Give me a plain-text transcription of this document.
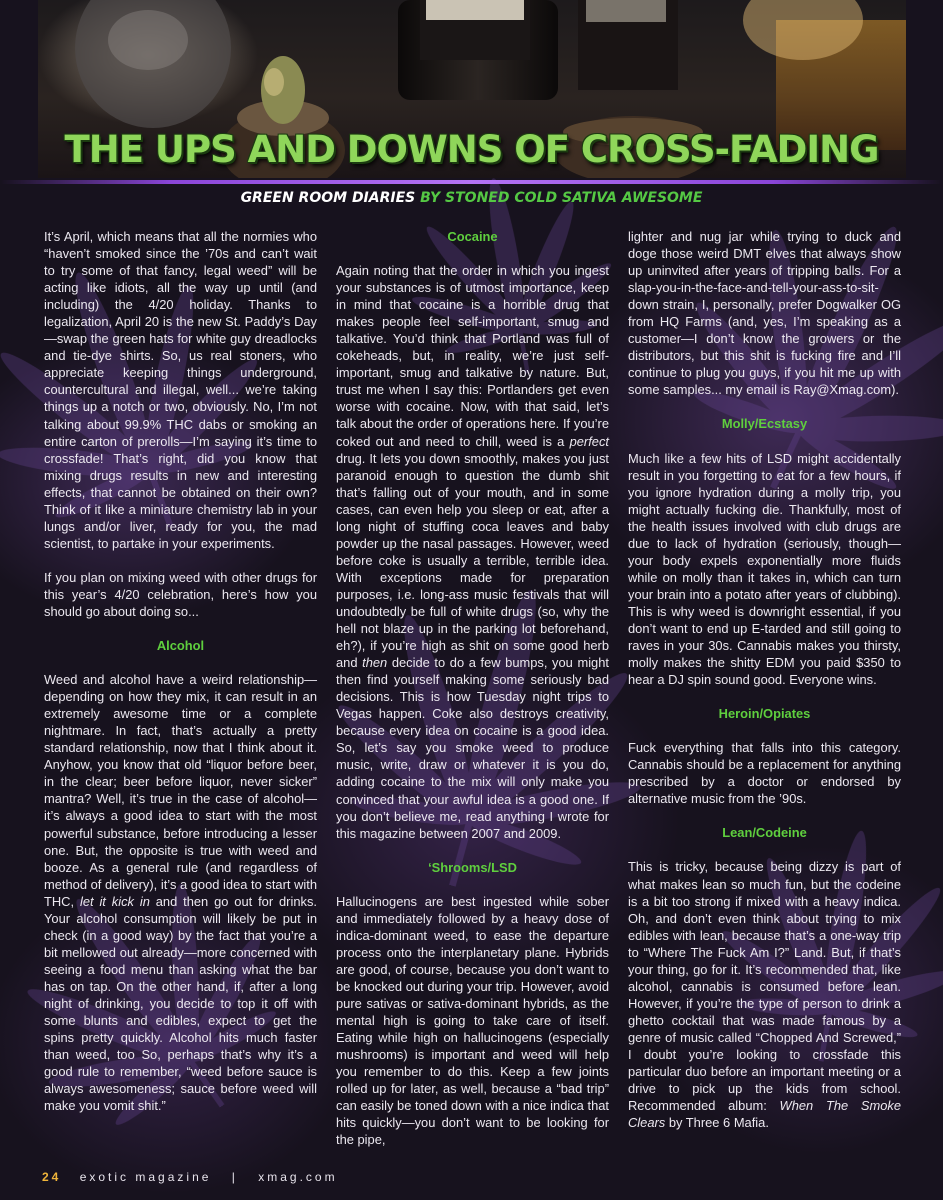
THE UPS AND DOWNS OF CROSS-FADING

GREEN ROOM DIARIES BY STONED COLD SATIVA AWESOME

It’s April, which means that all the normies who “haven’t smoked since the ’70s and can’t wait to try some of that fancy, legal weed” will be acting like idiots, all the way up until (and including) the 4/20 holiday. Thanks to legalization, April 20 is the new St. Paddy’s Day—swap the green hats for white guy dreadlocks and tie-dye shirts. So, us real stoners, who appreciate keeping things underground, countercultural and illegal, well... we’re taking things up a notch or two, obviously. No, I’m not talking about 99.9% THC dabs or smoking an entire carton of prerolls—I’m saying it’s time to crossfade! That’s right, did you know that mixing drugs results in new and interesting effects, that cannot be obtained on their own? Think of it like a miniature chemistry lab in your lungs and/or liver, ready for you, the mad scientist, to partake in your experiments.

If you plan on mixing weed with other drugs for this year’s 4/20 celebration, here’s how you should go about doing so...

Alcohol

Weed and alcohol have a weird relationship—depending on how they mix, it can result in an extremely awesome time or a complete nightmare. In fact, that’s actually a pretty standard relationship, now that I think about it. Anyhow, you know that old “liquor before beer, in the clear; beer before liquor, never sicker” mantra? Well, it’s true in the case of alcohol—it’s always a good idea to start with the most powerful substance, before introducing a lesser one. But, the opposite is true with weed and booze. As a general rule (and regardless of method of delivery), it’s a good idea to start with THC, let it kick in and then go out for drinks. Your alcohol consumption will likely be put in check (in a good way) by the fact that you’re a bit mellowed out already—more concerned with seeing a food menu than asking what the bar has on tap. On the other hand, if, after a long night of drinking, you decide to top it off with some blunts and edibles, expect to get the spins pretty quickly. Alcohol hits much faster than weed, too So, perhaps that’s why it’s a good rule to remember, “weed before sauce is always awesomeness; sauce before weed will make you vomit shit.”

Cocaine

Again noting that the order in which you ingest your substances is of utmost importance, keep in mind that cocaine is a horrible drug that makes people feel self-important, smug and talkative. You’d think that Portland was full of cokeheads, but, in reality, we’re just self-important, smug and talkative by nature. But, trust me when I say this: Portlanders get even worse with cocaine. Now, with that said, let’s talk about the order of operations here. If you’re coked out and need to chill, weed is a perfect drug. It lets you down smoothly, makes you just paranoid enough to question the dumb shit that’s falling out of your mouth, and in some cases, can even help you sleep or eat, after a long night of stuffing coca leaves and baby powder up the nasal passages. However, weed before coke is usually a terrible, terrible idea. With exceptions made for preparation purposes, i.e. long-ass music festivals that will undoubtedly be full of white drugs (so, why the hell not blaze up in the parking lot beforehand, eh?), if you’re high as shit on some good herb and then decide to do a few bumps, you might then find yourself making some seriously bad decisions. This is how Tuesday night trips to Vegas happen. Coke also destroys creativity, because every idea on cocaine is a good idea. So, let’s say you smoke weed to produce music, write, draw or whatever it is you do, adding cocaine to the mix will only make you convinced that your awful idea is a good one. If you don’t believe me, read anything I wrote for this magazine between 2007 and 2009.

‘Shrooms/LSD

Hallucinogens are best ingested while sober and immediately followed by a heavy dose of indica-dominant weed, to ease the departure process onto the interplanetary plane. Hybrids are good, of course, because you don’t want to be knocked out during your trip. However, avoid pure sativas or sativa-dominant hybrids, as the mental high is going to take care of itself. Eating while high on hallucinogens (especially mushrooms) is important and weed will help you remember to do this. Keep a few joints rolled up for later, as well, because a “bad trip” can easily be toned down with a nice indica that hits quickly—you don’t want to be looking for the pipe,

lighter and nug jar while trying to duck and doge those weird DMT elves that always show up uninvited after years of tripping balls. For a slap-you-in-the-face-and-tell-your-ass-to-sit-down strain, I, personally, prefer Dogwalker OG from HQ Farms (and, yes, I’m speaking as a customer—I don’t know the growers or the distributors, but this shit is fucking fire and I’ll continue to plug you guys, if you hit me up with some samples... my email is Ray@Xmag.com).

Molly/Ecstasy

Much like a few hits of LSD might accidentally result in you forgetting to eat for a few hours, if you ignore hydration during a molly trip, you might actually fucking die. Thankfully, most of the health issues involved with club drugs are due to lack of hydration (seriously, though—your body expels exponentially more fluids while on molly than it takes in, which can turn your brain into a potato after years of clubbing). This is why weed is downright essential, if you don’t want to end up E-tarded and still going to raves in your 30s. Cannabis makes you thirsty, molly makes the shitty EDM you paid $350 to hear a DJ spin sound good. Everyone wins.

Heroin/Opiates

Fuck everything that falls into this category. Cannabis should be a replacement for anything prescribed by a doctor or endorsed by alternative music from the ’90s.

Lean/Codeine

This is tricky, because being dizzy is part of what makes lean so much fun, but the codeine is a bit too strong if mixed with a heavy indica. Oh, and don’t even think about trying to mix edibles with lean, because that’s a one-way trip to “Where The Fuck Am I?” Land. But, if that’s your thing, go for it. It’s recommended that, like alcohol, cannabis is consumed before lean. However, if you’re the type of person to drink a ghetto cocktail that was made famous by a genre of music called “Chopped And Screwed,” I doubt you’re looking to crossfade this particular duo before an important meeting or a drive to pick up the kids from school. Recommended album: When The Smoke Clears by Three 6 Mafia.

24 exotic magazine | xmag.com
